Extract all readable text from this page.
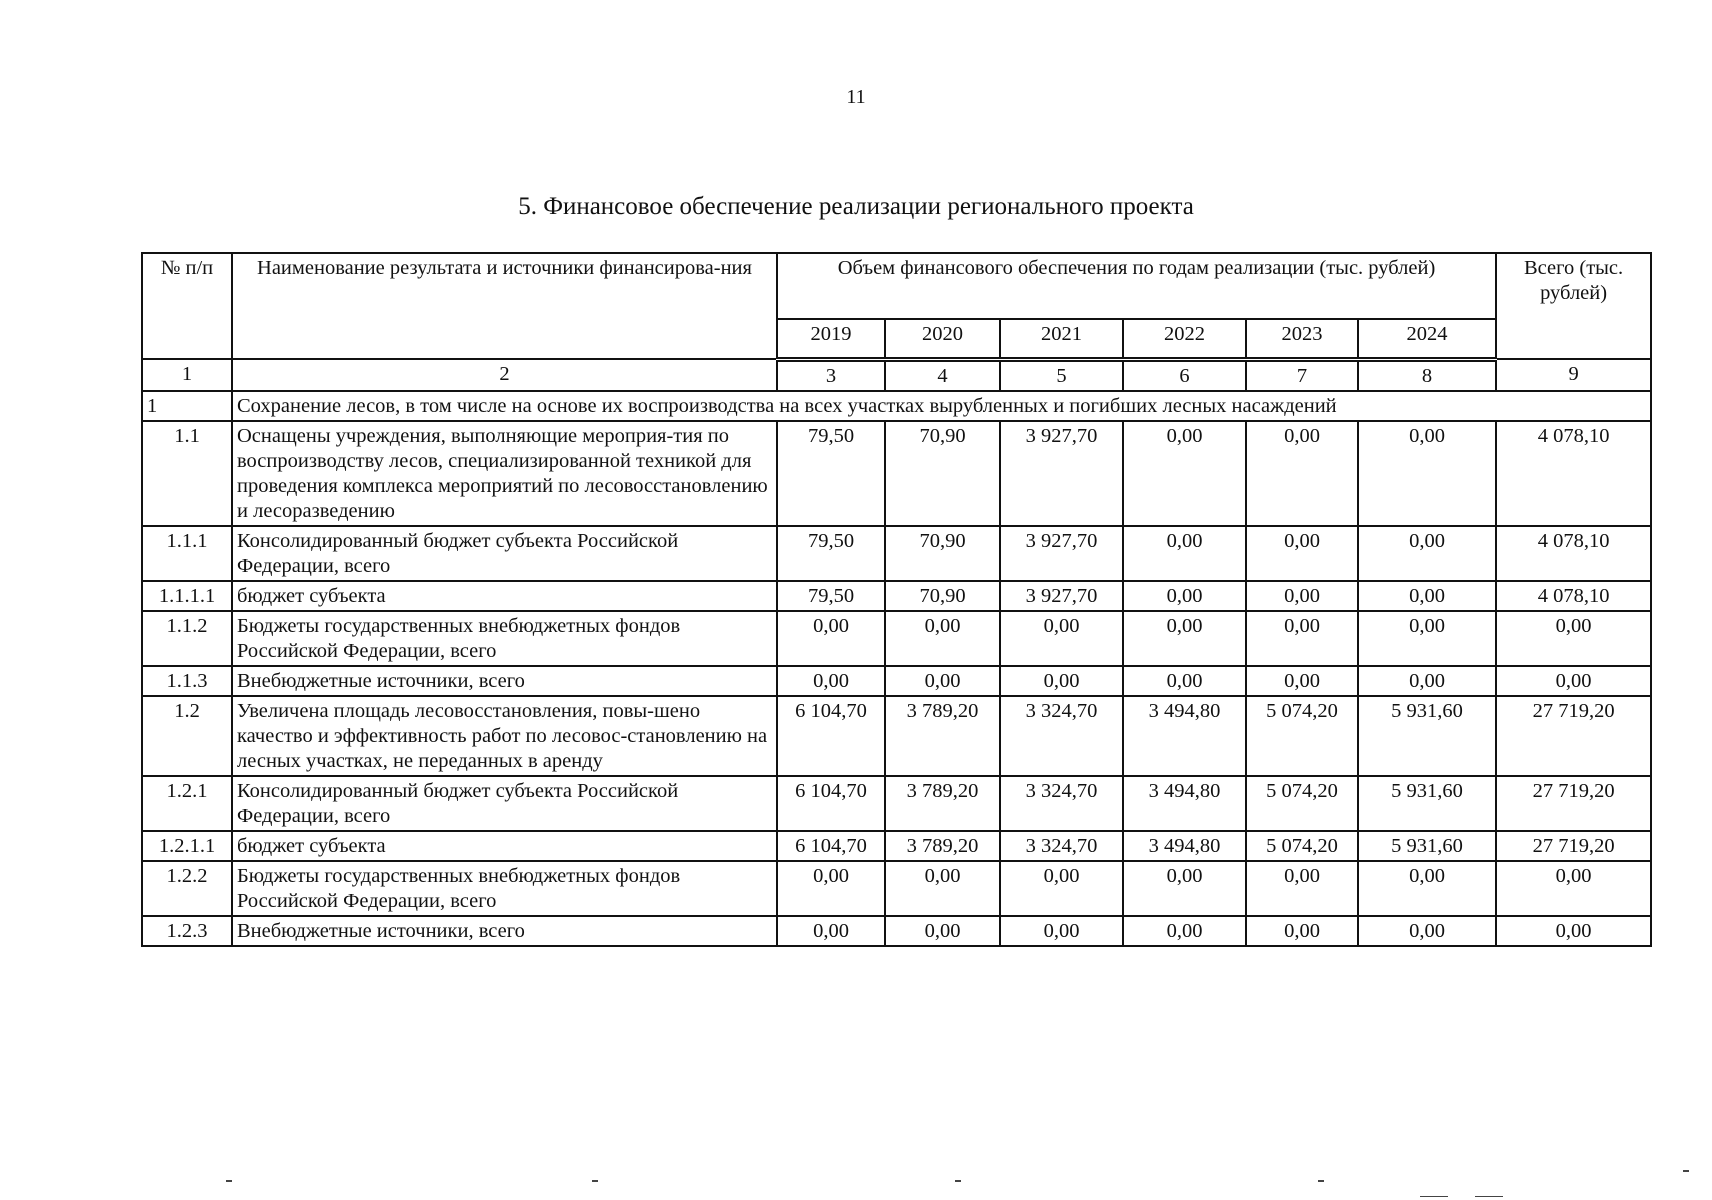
11
5. Финансовое обеспечение реализации регионального проекта
№ п/п	Наименование результата и источники финансирова-ния	Объем финансового обеспечения по годам реализации (тыс. рублей)						Всего (тыс. рублей)
		2019	2020	2021	2022	2023	2024	
1	2	3	4	5	6	7	8	9
1	Сохранение лесов, в том числе на основе их воспроизводства на всех участках вырубленных и погибших лесных насаждений							
1.1	Оснащены учреждения, выполняющие мероприя-тия по воспроизводству лесов, специализированной техникой для проведения комплекса мероприятий по лесовосстановлению и лесоразведению	79,50	70,90	3 927,70	0,00	0,00	0,00	4 078,10
1.1.1	Консолидированный бюджет субъекта Российской Федерации, всего	79,50	70,90	3 927,70	0,00	0,00	0,00	4 078,10
1.1.1.1	бюджет субъекта	79,50	70,90	3 927,70	0,00	0,00	0,00	4 078,10
1.1.2	Бюджеты государственных внебюджетных фондов Российской Федерации, всего	0,00	0,00	0,00	0,00	0,00	0,00	0,00
1.1.3	Внебюджетные источники, всего	0,00	0,00	0,00	0,00	0,00	0,00	0,00
1.2	Увеличена площадь лесовосстановления, повы-шено качество и эффективность работ по лесовос-становлению на лесных участках, не переданных в аренду	6 104,70	3 789,20	3 324,70	3 494,80	5 074,20	5 931,60	27 719,20
1.2.1	Консолидированный бюджет субъекта Российской Федерации, всего	6 104,70	3 789,20	3 324,70	3 494,80	5 074,20	5 931,60	27 719,20
1.2.1.1	бюджет субъекта	6 104,70	3 789,20	3 324,70	3 494,80	5 074,20	5 931,60	27 719,20
1.2.2	Бюджеты государственных внебюджетных фондов Российской Федерации, всего	0,00	0,00	0,00	0,00	0,00	0,00	0,00
1.2.3	Внебюджетные источники, всего	0,00	0,00	0,00	0,00	0,00	0,00	0,00
